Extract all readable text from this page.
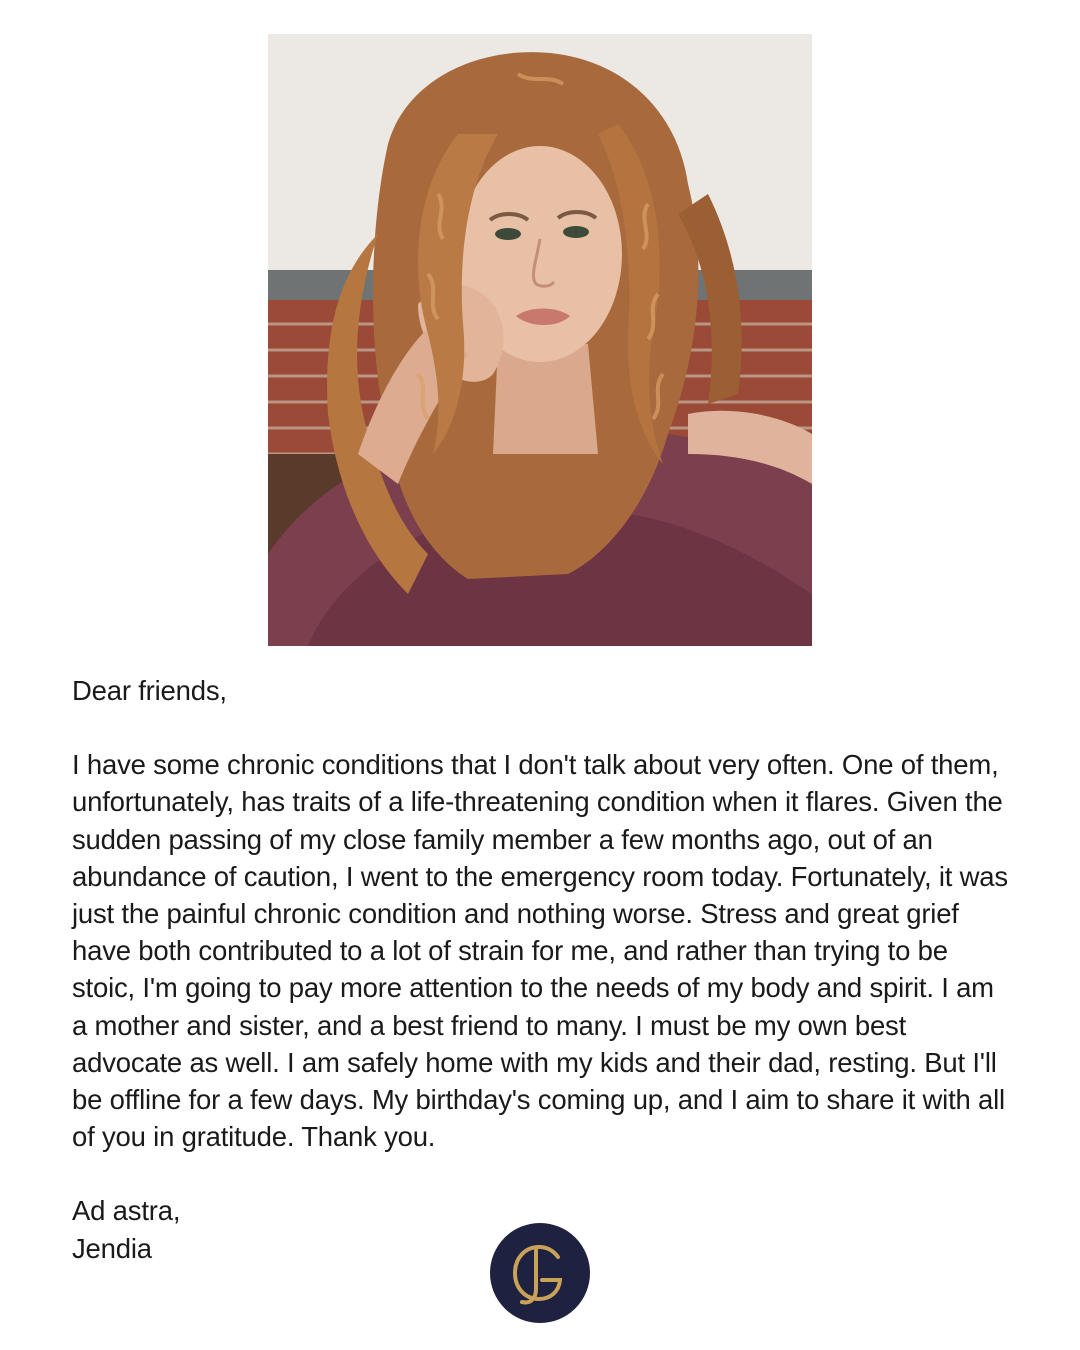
Dear friends,

I have some chronic conditions that I don't talk about very often. One of them, unfortunately, has traits of a life-threatening condition when it flares. Given the sudden passing of my close family member a few months ago, out of an abundance of caution, I went to the emergency room today. Fortunately, it was just the painful chronic condition and nothing worse. Stress and great grief have both contributed to a lot of strain for me, and rather than trying to be stoic, I'm going to pay more attention to the needs of my body and spirit. I am a mother and sister, and a best friend to many. I must be my own best advocate as well. I am safely home with my kids and their dad, resting. But I'll be offline for a few days. My birthday's coming up, and I aim to share it with all of you in gratitude. Thank you.

Ad astra,
Jendia
